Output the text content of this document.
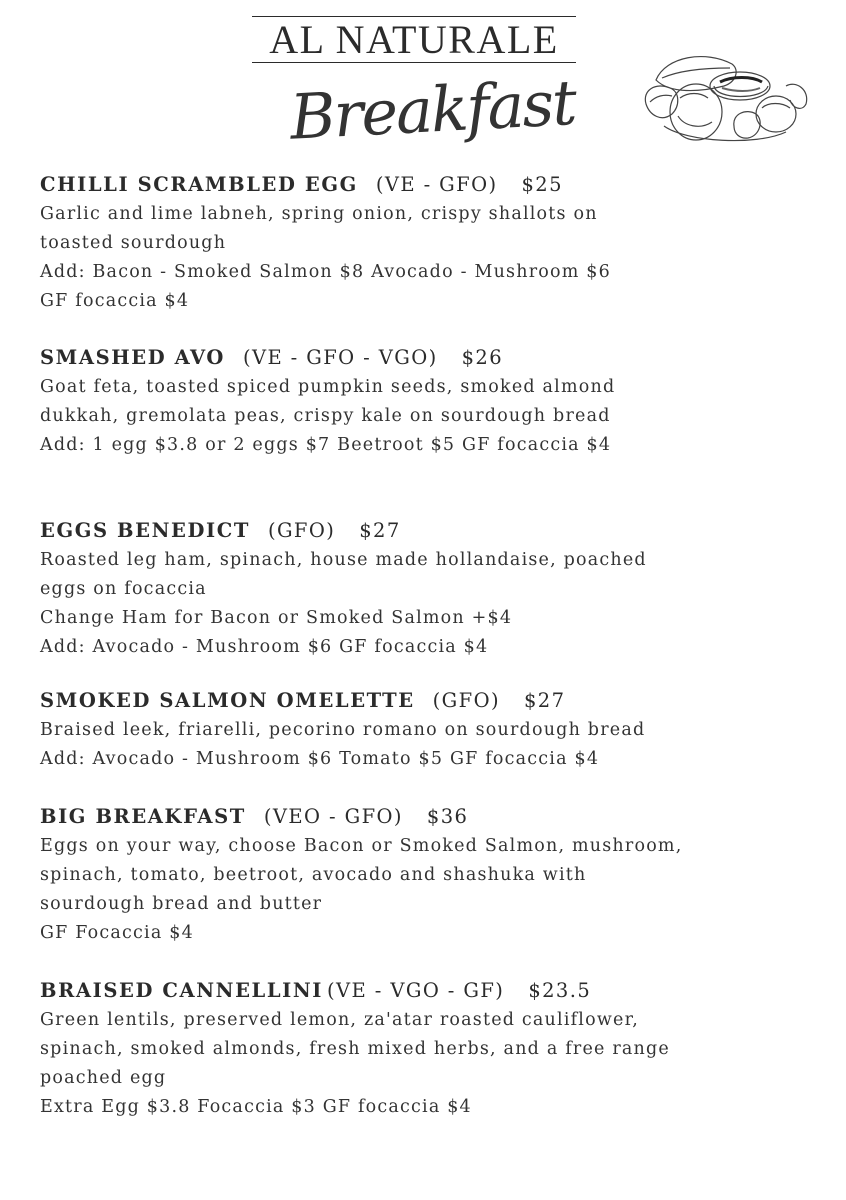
AL NATURALE
Breakfast
CHILLI SCRAMBLED EGG (VE - GFO) $25
Garlic and lime labneh, spring onion, crispy shallots on
toasted sourdough
Add: Bacon - Smoked Salmon $8 Avocado - Mushroom $6
GF focaccia $4
SMASHED AVO (VE - GFO - VGO) $26
Goat feta, toasted spiced pumpkin seeds, smoked almond
dukkah, gremolata peas, crispy kale on sourdough bread
Add: 1 egg $3.8 or 2 eggs $7 Beetroot $5 GF focaccia $4
EGGS BENEDICT (GFO) $27
Roasted leg ham, spinach, house made hollandaise, poached
eggs on focaccia
Change Ham for Bacon or Smoked Salmon +$4
Add: Avocado - Mushroom $6 GF focaccia $4
SMOKED SALMON OMELETTE (GFO) $27
Braised leek, friarelli, pecorino romano on sourdough bread
Add: Avocado - Mushroom $6 Tomato $5 GF focaccia $4
BIG BREAKFAST (VEO - GFO) $36
Eggs on your way, choose Bacon or Smoked Salmon, mushroom,
spinach, tomato, beetroot, avocado and shashuka with
sourdough bread and butter
GF Focaccia $4
BRAISED CANNELLINI (VE - VGO - GF) $23.5
Green lentils, preserved lemon, za'atar roasted cauliflower,
spinach, smoked almonds, fresh mixed herbs, and a free range
poached egg
Extra Egg $3.8 Focaccia $3 GF focaccia $4
